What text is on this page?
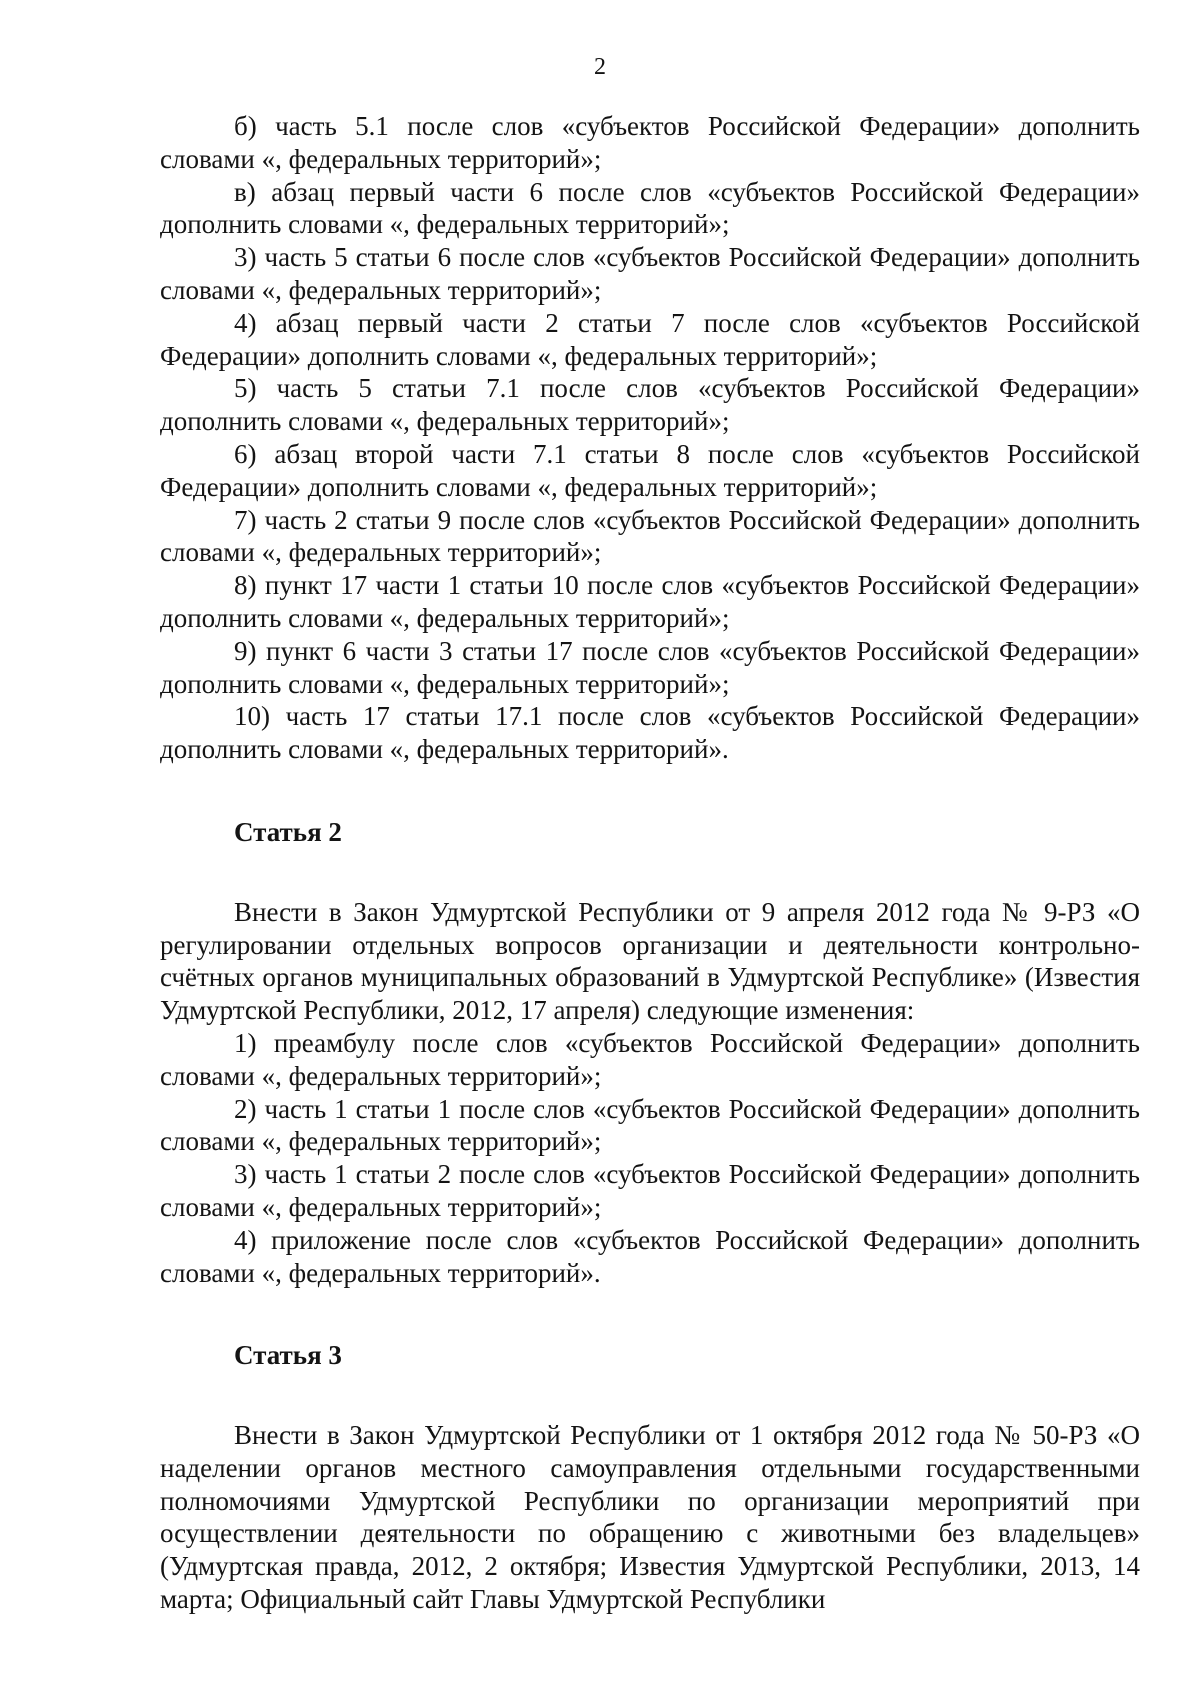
2

б) часть 5.1 после слов «субъектов Российской Федерации» дополнить словами «, федеральных территорий»;

в) абзац первый части 6 после слов «субъектов Российской Федерации» дополнить словами «, федеральных территорий»;

3) часть 5 статьи 6 после слов «субъектов Российской Федерации» дополнить словами «, федеральных территорий»;

4) абзац первый части 2 статьи 7 после слов «субъектов Российской Федерации» дополнить словами «, федеральных территорий»;

5) часть 5 статьи 7.1 после слов «субъектов Российской Федерации» дополнить словами «, федеральных территорий»;

6) абзац второй части 7.1 статьи 8 после слов «субъектов Российской Федерации» дополнить словами «, федеральных территорий»;

7) часть 2 статьи 9 после слов «субъектов Российской Федерации» дополнить словами «, федеральных территорий»;

8) пункт 17 части 1 статьи 10 после слов «субъектов Российской Федерации» дополнить словами «, федеральных территорий»;

9) пункт 6 части 3 статьи 17 после слов «субъектов Российской Федерации» дополнить словами «, федеральных территорий»;

10) часть 17 статьи 17.1 после слов «субъектов Российской Федерации» дополнить словами «, федеральных территорий».

Статья 2

Внести в Закон Удмуртской Республики от 9 апреля 2012 года № 9-РЗ «О регулировании отдельных вопросов организации и деятельности контрольно-счётных органов муниципальных образований в Удмуртской Республике» (Известия Удмуртской Республики, 2012, 17 апреля) следующие изменения:

1) преамбулу после слов «субъектов Российской Федерации» дополнить словами «, федеральных территорий»;

2) часть 1 статьи 1 после слов «субъектов Российской Федерации» дополнить словами «, федеральных территорий»;

3) часть 1 статьи 2 после слов «субъектов Российской Федерации» дополнить словами «, федеральных территорий»;

4) приложение после слов «субъектов Российской Федерации» дополнить словами «, федеральных территорий».

Статья 3

Внести в Закон Удмуртской Республики от 1 октября 2012 года № 50-РЗ «О наделении органов местного самоуправления отдельными государственными полномочиями Удмуртской Республики по организации мероприятий при осуществлении деятельности по обращению с животными без владельцев» (Удмуртская правда, 2012, 2 октября; Известия Удмуртской Республики, 2013, 14 марта; Официальный сайт Главы Удмуртской Республики
